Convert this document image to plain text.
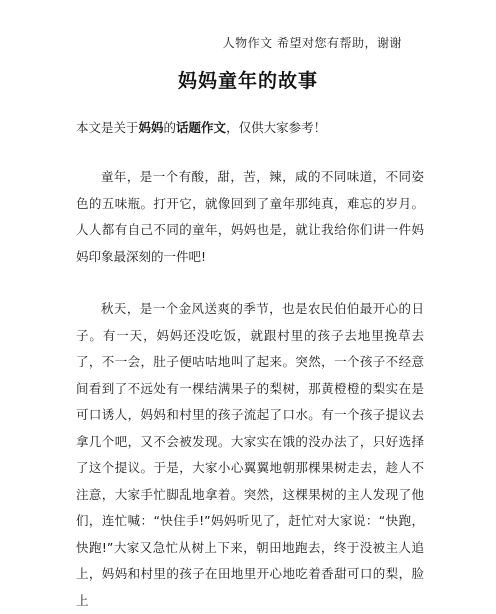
人物作文 希望对您有帮助，谢谢
妈妈童年的故事
本文是关于妈妈的话题作文，仅供大家参考！

童年，是一个有酸，甜，苦，辣，咸的不同味道，不同姿色的五味瓶。打开它，就像回到了童年那纯真，难忘的岁月。人人都有自己不同的童年，妈妈也是，就让我给你们讲一件妈妈印象最深刻的一件吧!

秋天，是一个金风送爽的季节，也是农民伯伯最开心的日子。有一天，妈妈还没吃饭，就跟村里的孩子去地里挽草去了，不一会，肚子便咕咕地叫了起来。突然，一个孩子不经意间看到了不远处有一棵结满果子的梨树，那黄橙橙的梨实在是可口诱人，妈妈和村里的孩子流起了口水。有一个孩子提议去拿几个吧，又不会被发现。大家实在饿的没办法了，只好选择了这个提议。于是，大家小心翼翼地朝那棵果树走去，趁人不注意，大家手忙脚乱地拿着。突然，这棵果树的主人发现了他们，连忙喊：“快住手!”妈妈听见了，赶忙对大家说：“快跑，快跑!”大家又急忙从树上下来，朝田地跑去，终于没被主人追上，妈妈和村里的孩子在田地里开心地吃着香甜可口的梨，脸上
